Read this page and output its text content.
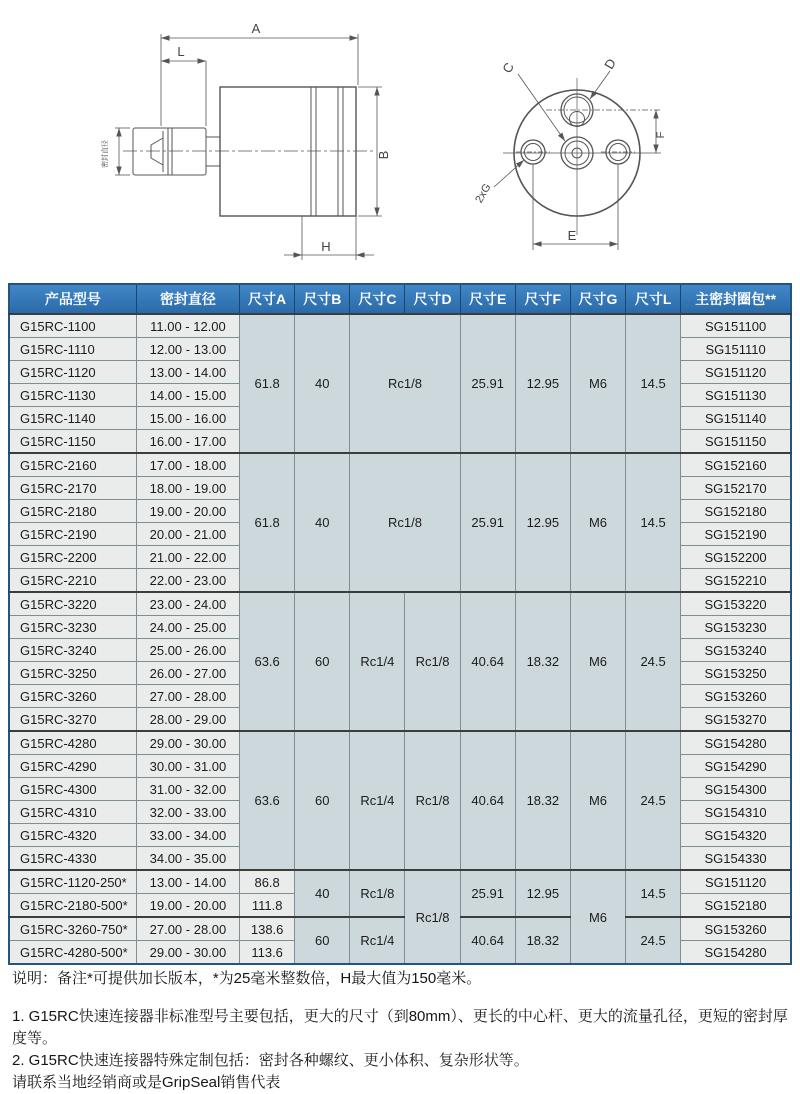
A
L
B
H
密封直径
C	D
2xG
F
E
产品型号	密封直径	尺寸A	尺寸B	尺寸C	尺寸D	尺寸E	尺寸F	尺寸G	尺寸L	主密封圈包**
G15RC-1100	11.00 - 12.00	61.8	40	Rc1/8		25.91	12.95	M6	14.5	SG151100
G15RC-1110	12.00 - 13.00									SG151110
G15RC-1120	13.00 - 14.00									SG151120
G15RC-1130	14.00 - 15.00									SG151130
G15RC-1140	15.00 - 16.00									SG151140
G15RC-1150	16.00 - 17.00									SG151150
G15RC-2160	17.00 - 18.00	61.8	40	Rc1/8		25.91	12.95	M6	14.5	SG152160
G15RC-2170	18.00 - 19.00									SG152170
G15RC-2180	19.00 - 20.00									SG152180
G15RC-2190	20.00 - 21.00									SG152190
G15RC-2200	21.00 - 22.00									SG152200
G15RC-2210	22.00 - 23.00									SG152210
G15RC-3220	23.00 - 24.00	63.6	60	Rc1/4	Rc1/8	40.64	18.32	M6	24.5	SG153220
G15RC-3230	24.00 - 25.00									SG153230
G15RC-3240	25.00 - 26.00									SG153240
G15RC-3250	26.00 - 27.00									SG153250
G15RC-3260	27.00 - 28.00									SG153260
G15RC-3270	28.00 - 29.00									SG153270
G15RC-4280	29.00 - 30.00	63.6	60	Rc1/4	Rc1/8	40.64	18.32	M6	24.5	SG154280
G15RC-4290	30.00 - 31.00									SG154290
G15RC-4300	31.00 - 32.00									SG154300
G15RC-4310	32.00 - 33.00									SG154310
G15RC-4320	33.00 - 34.00									SG154320
G15RC-4330	34.00 - 35.00									SG154330
G15RC-1120-250*	13.00 - 14.00	86.8	40	Rc1/8	Rc1/8	25.91	12.95	M6	14.5	SG151120
G15RC-2180-500*	19.00 - 20.00	111.8								SG152180
G15RC-3260-750*	27.00 - 28.00	138.6	60	Rc1/4		40.64	18.32		24.5	SG153260
G15RC-4280-500*	29.00 - 30.00	113.6								SG154280
说明：备注*可提供加长版本，*为25毫米整数倍，H最大值为150毫米。
1. G15RC快速连接器非标准型号主要包括，更大的尺寸（到80mm）、更长的中心杆、更大的流量孔径，更短的密封厚度等。
2. G15RC快速连接器特殊定制包括：密封各种螺纹、更小体积、复杂形状等。
请联系当地经销商或是GripSeal销售代表
